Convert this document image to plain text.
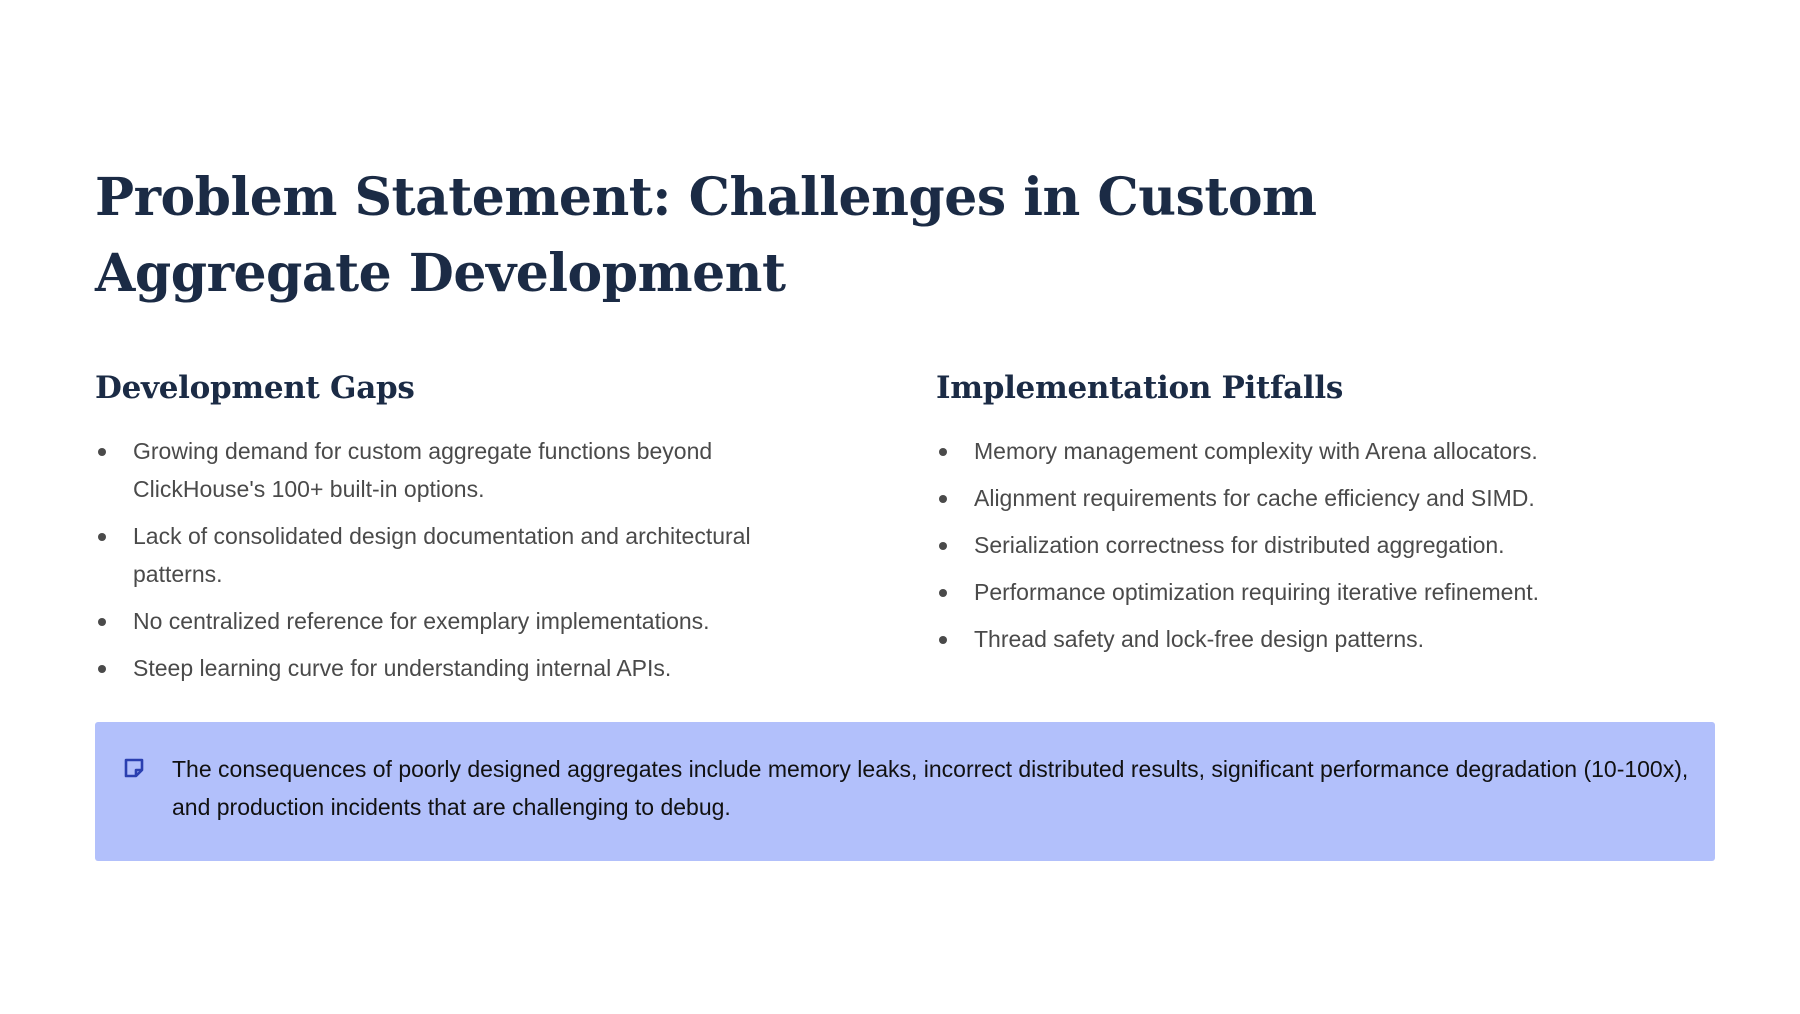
Problem Statement: Challenges in Custom Aggregate Development
Development Gaps
Growing demand for custom aggregate functions beyond ClickHouse's 100+ built-in options.
Lack of consolidated design documentation and architectural patterns.
No centralized reference for exemplary implementations.
Steep learning curve for understanding internal APIs.
Implementation Pitfalls
Memory management complexity with Arena allocators.
Alignment requirements for cache efficiency and SIMD.
Serialization correctness for distributed aggregation.
Performance optimization requiring iterative refinement.
Thread safety and lock-free design patterns.

The consequences of poorly designed aggregates include memory leaks, incorrect distributed results, significant performance degradation (10-100x), and production incidents that are challenging to debug.
